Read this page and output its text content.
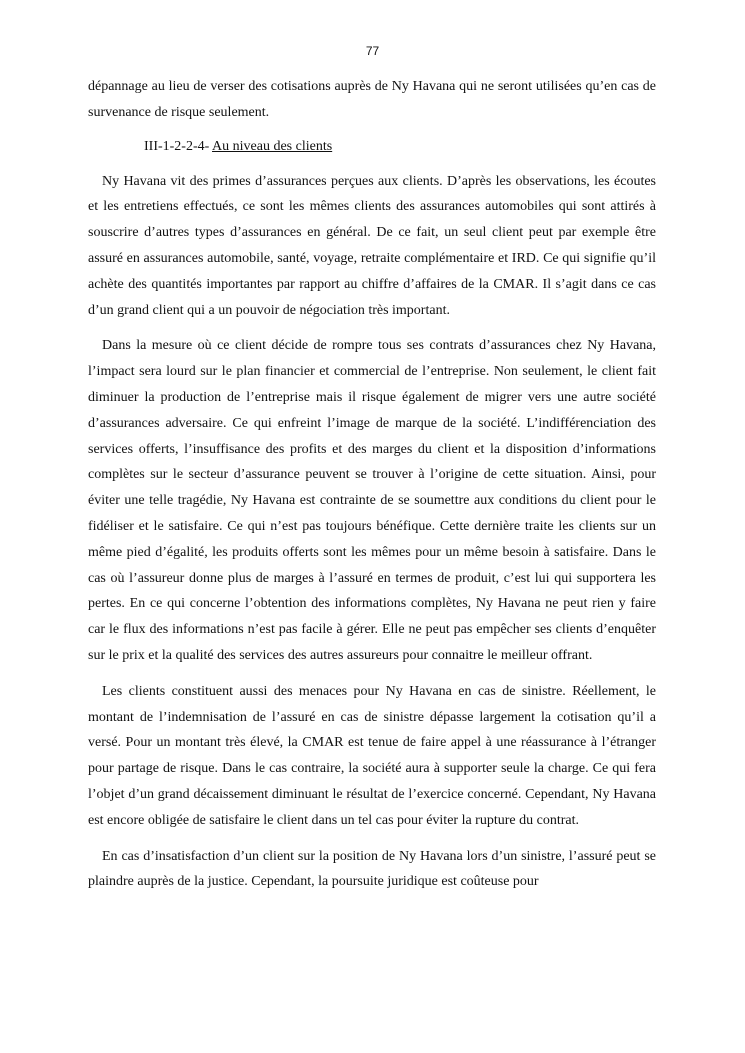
77

dépannage au lieu de verser des cotisations auprès de Ny Havana qui ne seront utilisées qu’en cas de survenance de risque seulement.

III-1-2-2-4- Au niveau des clients

Ny Havana vit des primes d’assurances perçues aux clients. D’après les observations, les écoutes et les entretiens effectués, ce sont les mêmes clients des assurances automobiles qui sont attirés à souscrire d’autres types d’assurances en général. De ce fait, un seul client peut par exemple être assuré en assurances automobile, santé, voyage, retraite complémentaire et IRD. Ce qui signifie qu’il achète des quantités importantes par rapport au chiffre d’affaires de la CMAR. Il s’agit dans ce cas d’un grand client qui a un pouvoir de négociation très important.

Dans la mesure où ce client décide de rompre tous ses contrats d’assurances chez Ny Havana, l’impact sera lourd sur le plan financier et commercial de l’entreprise. Non seulement, le client fait diminuer la production de l’entreprise mais il risque également de migrer vers une autre société d’assurances adversaire. Ce qui enfreint l’image de marque de la société. L’indifférenciation des services offerts, l’insuffisance des profits et des marges du client et la disposition d’informations complètes sur le secteur d’assurance peuvent se trouver à l’origine de cette situation. Ainsi, pour éviter une telle tragédie, Ny Havana est contrainte de se soumettre aux conditions du client pour le fidéliser et le satisfaire. Ce qui n’est pas toujours bénéfique. Cette dernière traite les clients sur un même pied d’égalité, les produits offerts sont les mêmes pour un même besoin à satisfaire. Dans le cas où l’assureur donne plus de marges à l’assuré en termes de produit, c’est lui qui supportera les pertes. En ce qui concerne l’obtention des informations complètes, Ny Havana ne peut rien y faire car le flux des informations n’est pas facile à gérer. Elle ne peut pas empêcher ses clients d’enquêter sur le prix et la qualité des services des autres assureurs pour connaitre le meilleur offrant.

Les clients constituent aussi des menaces pour Ny Havana en cas de sinistre. Réellement, le montant de l’indemnisation de l’assuré en cas de sinistre dépasse largement la cotisation qu’il a versé. Pour un montant très élevé, la CMAR est tenue de faire appel à une réassurance à l’étranger pour partage de risque. Dans le cas contraire, la société aura à supporter seule la charge. Ce qui fera l’objet d’un grand décaissement diminuant le résultat de l’exercice concerné. Cependant, Ny Havana est encore obligée de satisfaire le client dans un tel cas pour éviter la rupture du contrat.

En cas d’insatisfaction d’un client sur la position de Ny Havana lors d’un sinistre, l’assuré peut se plaindre auprès de la justice. Cependant, la poursuite juridique est coûteuse pour
